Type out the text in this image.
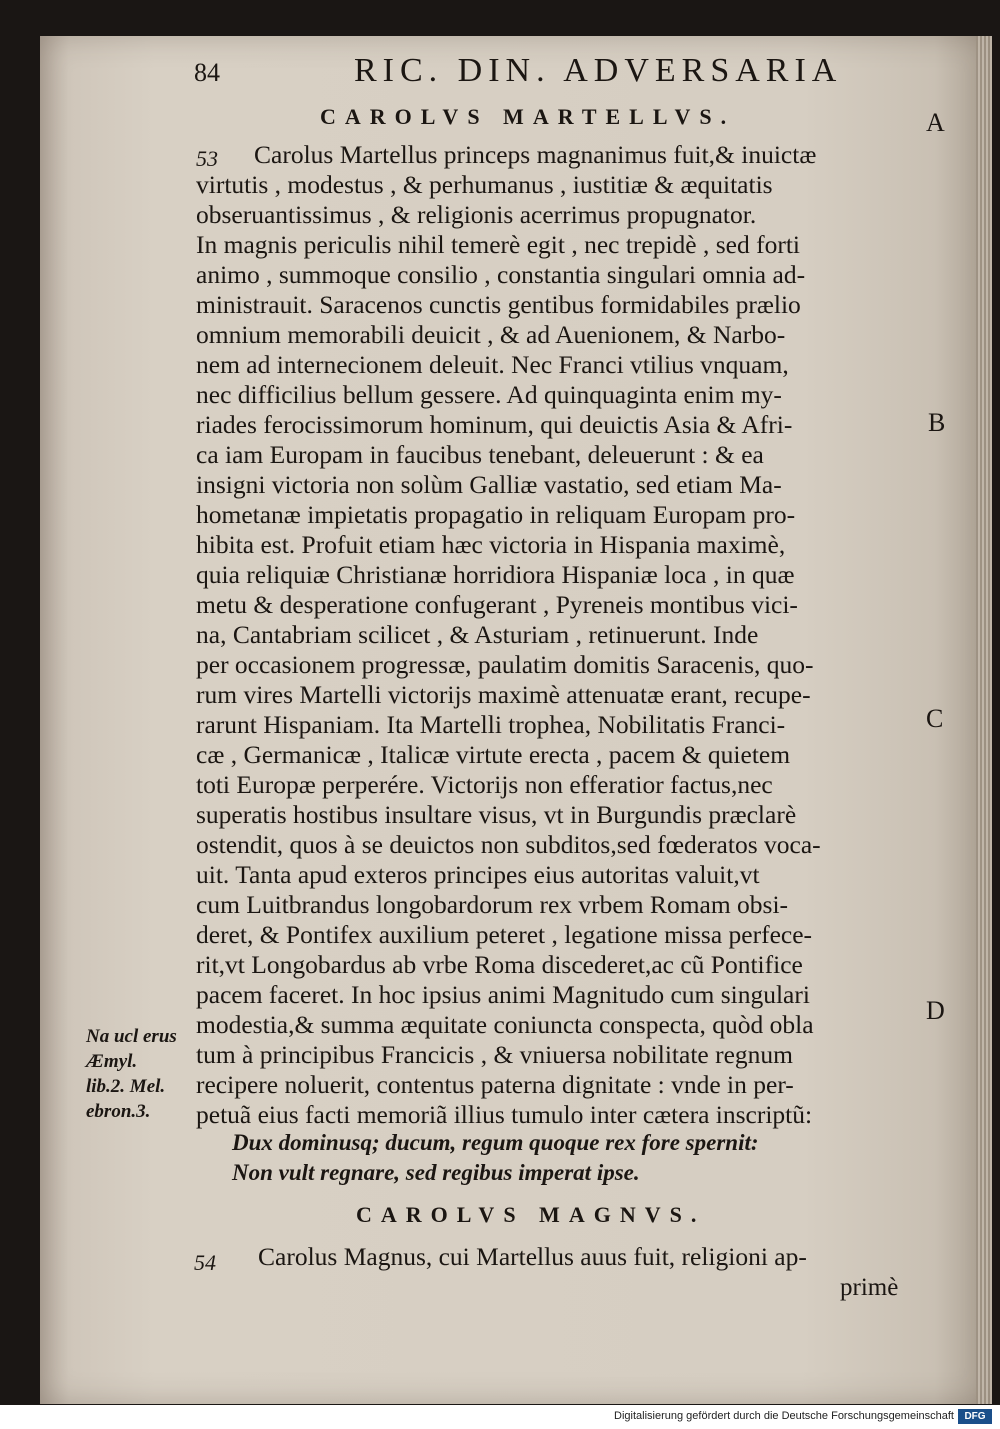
84	RIC. DIN. ADVERSARIA
CAROLVS MARTELLVS.	A
B
C
D
53 Carolus Martellus princeps magnanimus fuit,& inuictæ
virtutis , modestus , & perhumanus , iustitiæ & æquitatis
obseruantissimus , & religionis acerrimus propugnator.
In magnis periculis nihil temerè egit , nec trepidè , sed forti
animo , summoque consilio , constantia singulari omnia ad-
ministrauit. Saracenos cunctis gentibus formidabiles prælio
omnium memorabili deuicit , & ad Auenionem, & Narbo-
nem ad internecionem deleuit. Nec Franci vtilius vnquam,
nec difficilius bellum gessere. Ad quinquaginta enim my-
riades ferocissimorum hominum, qui deuictis Asia & Afri-
ca iam Europam in faucibus tenebant, deleuerunt : & ea
insigni victoria non solùm Galliæ vastatio, sed etiam Ma-
hometanæ impietatis propagatio in reliquam Europam pro-
hibita est. Profuit etiam hæc victoria in Hispania maximè,
quia reliquiæ Christianæ horridiora Hispaniæ loca , in quæ
metu & desperatione confugerant , Pyreneis montibus vici-
na, Cantabriam scilicet , & Asturiam , retinuerunt. Inde
per occasionem progressæ, paulatim domitis Saracenis, quo-
rum vires Martelli victorijs maximè attenuatæ erant, recupe-
rarunt Hispaniam. Ita Martelli trophea, Nobilitatis Franci-
cæ , Germanicæ , Italicæ virtute erecta , pacem & quietem
toti Europæ perperére. Victorijs non efferatior factus,nec
superatis hostibus insultare visus, vt in Burgundis præclarè
ostendit, quos à se deuictos non subditos,sed fœderatos voca-
uit. Tanta apud exteros principes eius autoritas valuit,vt
cum Luitbrandus longobardorum rex vrbem Romam obsi-
deret, & Pontifex auxilium peteret , legatione missa perfece-
rit,vt Longobardus ab vrbe Roma discederet,ac cũ Pontifice
pacem faceret. In hoc ipsius animi Magnitudo cum singulari
modestia,& summa æquitate coniuncta conspecta, quòd obla
tum à principibus Francicis , & vniuersa nobilitate regnum
recipere noluerit, contentus paterna dignitate : vnde in per-
petuã eius facti memoriã illius tumulo inter cætera inscriptũ:
Na ucl erus
Æmyl.
lib.2. Mel.
ebron.3.
Dux dominusq; ducum, regum quoque rex fore spernit:
Non vult regnare, sed regibus imperat ipse.
CAROLVS MAGNVS.
54 Carolus Magnus, cui Martellus auus fuit, religioni ap-
primè
Digitalisierung gefördert durch die Deutsche Forschungsgemeinschaft	DFG
